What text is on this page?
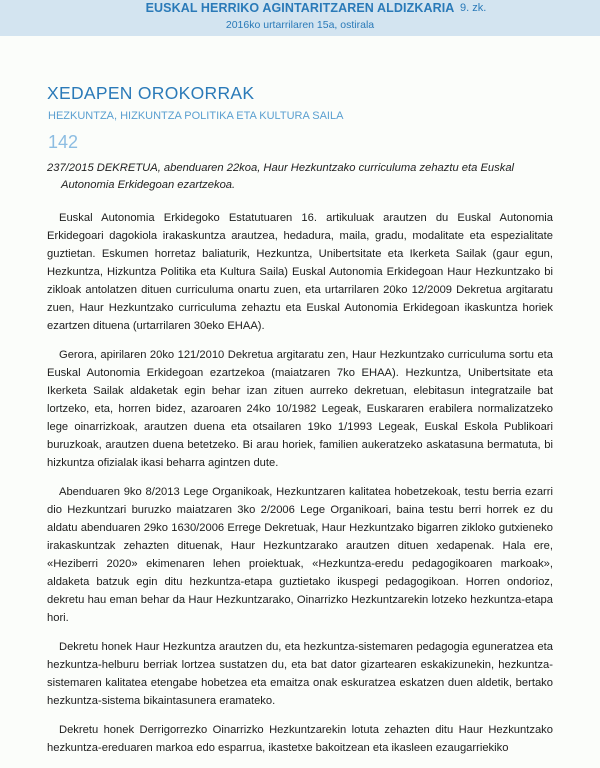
EUSKAL HERRIKO AGINTARITZAREN ALDIZKARIA 9. zk.
2016ko urtarrilaren 15a, ostirala
XEDAPEN OROKORRAK
HEZKUNTZA, HIZKUNTZA POLITIKA ETA KULTURA SAILA
142
237/2015 DEKRETUA, abenduaren 22koa, Haur Hezkuntzako curriculuma zehaztu eta Euskal Autonomia Erkidegoan ezartzekoa.

Euskal Autonomia Erkidegoko Estatutuaren 16. artikuluak arautzen du Euskal Autonomia Erkidegoari dagokiola irakaskuntza arautzea, hedadura, maila, gradu, modalitate eta espezialitate guztietan. Eskumen horretaz baliaturik, Hezkuntza, Unibertsitate eta Ikerketa Sailak (gaur egun, Hezkuntza, Hizkuntza Politika eta Kultura Saila) Euskal Autonomia Erkidegoan Haur Hezkuntzako bi zikloak antolatzen dituen curriculuma onartu zuen, eta urtarrilaren 20ko 12/2009 Dekretua argitaratu zuen, Haur Hezkuntzako curriculuma zehaztu eta Euskal Autonomia Erkidegoan ikaskuntza horiek ezartzen dituena (urtarrilaren 30eko EHAA).

Gerora, apirilaren 20ko 121/2010 Dekretua argitaratu zen, Haur Hezkuntzako curriculuma sortu eta Euskal Autonomia Erkidegoan ezartzekoa (maiatzaren 7ko EHAA). Hezkuntza, Unibertsitate eta Ikerketa Sailak aldaketak egin behar izan zituen aurreko dekretuan, elebitasun integratzaile bat lortzeko, eta, horren bidez, azaroaren 24ko 10/1982 Legeak, Euskararen erabilera normalizatzeko lege oinarrizkoak, arautzen duena eta otsailaren 19ko 1/1993 Legeak, Euskal Eskola Publikoari buruzkoak, arautzen duena betetzeko. Bi arau horiek, familien aukeratzeko askatasuna bermatuta, bi hizkuntza ofizialak ikasi beharra agintzen dute.

Abenduaren 9ko 8/2013 Lege Organikoak, Hezkuntzaren kalitatea hobetzekoak, testu berria ezarri dio Hezkuntzari buruzko maiatzaren 3ko 2/2006 Lege Organikoari, baina testu berri horrek ez du aldatu abenduaren 29ko 1630/2006 Errege Dekretuak, Haur Hezkuntzako bigarren zikloko gutxieneko irakaskuntzak zehazten dituenak, Haur Hezkuntzarako arautzen dituen xedapenak. Hala ere, «Heziberri 2020» ekimenaren lehen proiektuak, «Hezkuntza-eredu pedagogikoaren markoak», aldaketa batzuk egin ditu hezkuntza-etapa guztietako ikuspegi pedagogikoan. Horren ondorioz, dekretu hau eman behar da Haur Hezkuntzarako, Oinarrizko Hezkuntzarekin lotzeko hezkuntza-etapa hori.

Dekretu honek Haur Hezkuntza arautzen du, eta hezkuntza-sistemaren pedagogia eguneratzea eta hezkuntza-helburu berriak lortzea sustatzen du, eta bat dator gizartearen eskakizunekin, hezkuntza-sistemaren kalitatea etengabe hobetzea eta emaitza onak eskuratzea eskatzen duen aldetik, bertako hezkuntza-sistema bikaintasunera eramateko.

Dekretu honek Derrigorrezko Oinarrizko Hezkuntzarekin lotuta zehazten ditu Haur Hezkuntzako hezkuntza-ereduaren markoa edo esparrua, ikastetxe bakoitzean eta ikasleen ezaugarriekiko
